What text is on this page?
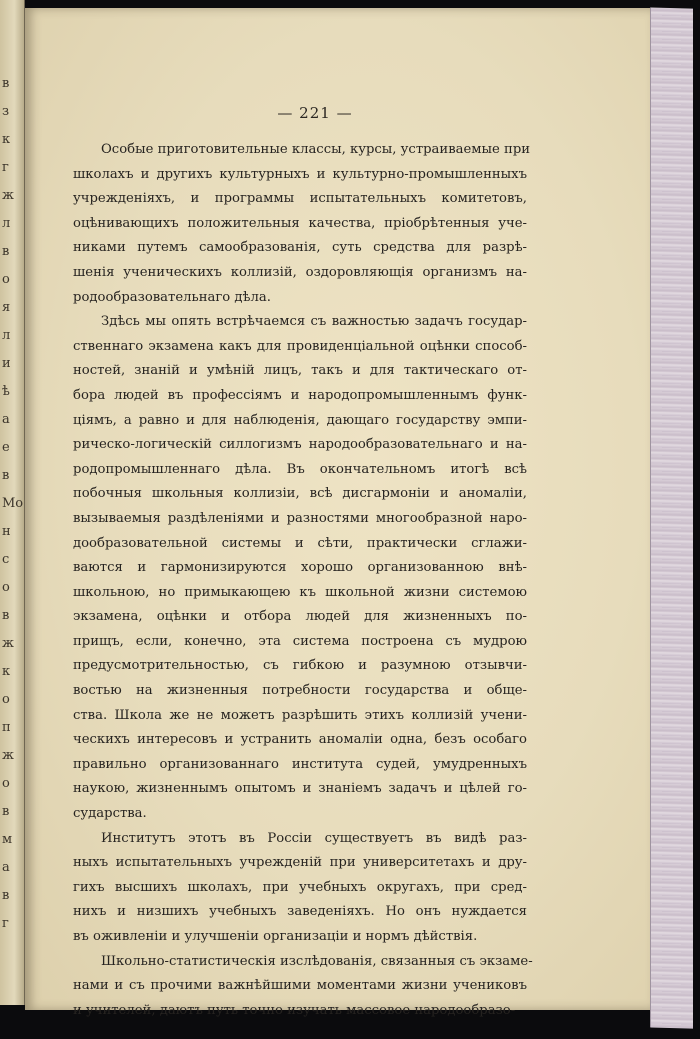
в
з
к
г
ж
л
в
о
я
л
и
ѣ
а
е
в
Мо
н
с
о
в
ж
к
о
п
ж
о
в
м
а
в
г
— 221 —

Особые приготовительные классы, курсы, устраиваемые при
школахъ и другихъ культурныхъ и культурно-промышленныхъ
учрежденiяхъ, и программы испытательныхъ комитетовъ,
оцѣнивающихъ положительныя качества, прiобрѣтенныя уче-
никами путемъ самообразованiя, суть средства для разрѣ-
шенiя ученическихъ коллизiй, оздоровляющiя организмъ на-
родообразовательнаго дѣла.

Здѣсь мы опять встрѣчаемся съ важностью задачъ государ-
ственнаго экзамена какъ для провиденцiальной оцѣнки способ-
ностей, знанiй и умѣнiй лицъ, такъ и для тактическаго от-
бора людей въ профессiямъ и народопромышленнымъ функ-
цiямъ, а равно и для наблюденiя, дающаго государству эмпи-
рическо-логическiй силлогизмъ народообразовательнаго и на-
родопромышленнаго дѣла. Въ окончательномъ итогѣ всѣ
побочныя школьныя коллизiи, всѣ дисгармонiи и аномалiи,
вызываемыя раздѣленiями и разностями многообразной наро-
дообразовательной системы и сѣти, практически сглажи-
ваются и гармонизируются хорошо организованною внѣ-
школьною, но примыкающею къ школьной жизни системою
экзамена, оцѣнки и отбора людей для жизненныхъ по-
прищъ, если, конечно, эта система построена съ мудрою
предусмотрительностью, съ гибкою и разумною отзывчи-
востью на жизненныя потребности государства и обще-
ства. Школа же не можетъ разрѣшить этихъ коллизiй учени-
ческихъ интересовъ и устранить аномалiи одна, безъ особаго
правильно организованнаго института судей, умудренныхъ
наукою, жизненнымъ опытомъ и знанiемъ задачъ и цѣлей го-
сударства.

Институтъ этотъ въ Россiи существуетъ въ видѣ раз-
ныхъ испытательныхъ учрежденiй при университетахъ и дру-
гихъ высшихъ школахъ, при учебныхъ округахъ, при сред-
нихъ и низшихъ учебныхъ заведенiяхъ. Но онъ нуждается
въ оживленiи и улучшенiи организацiи и нормъ дѣйствiя.

Школьно-статистическiя изслѣдованiя, связанныя съ экзаме-
нами и съ прочими важнѣйшими моментами жизни учениковъ
и учителей, даютъ путь точно изучать массовое народообразо-
